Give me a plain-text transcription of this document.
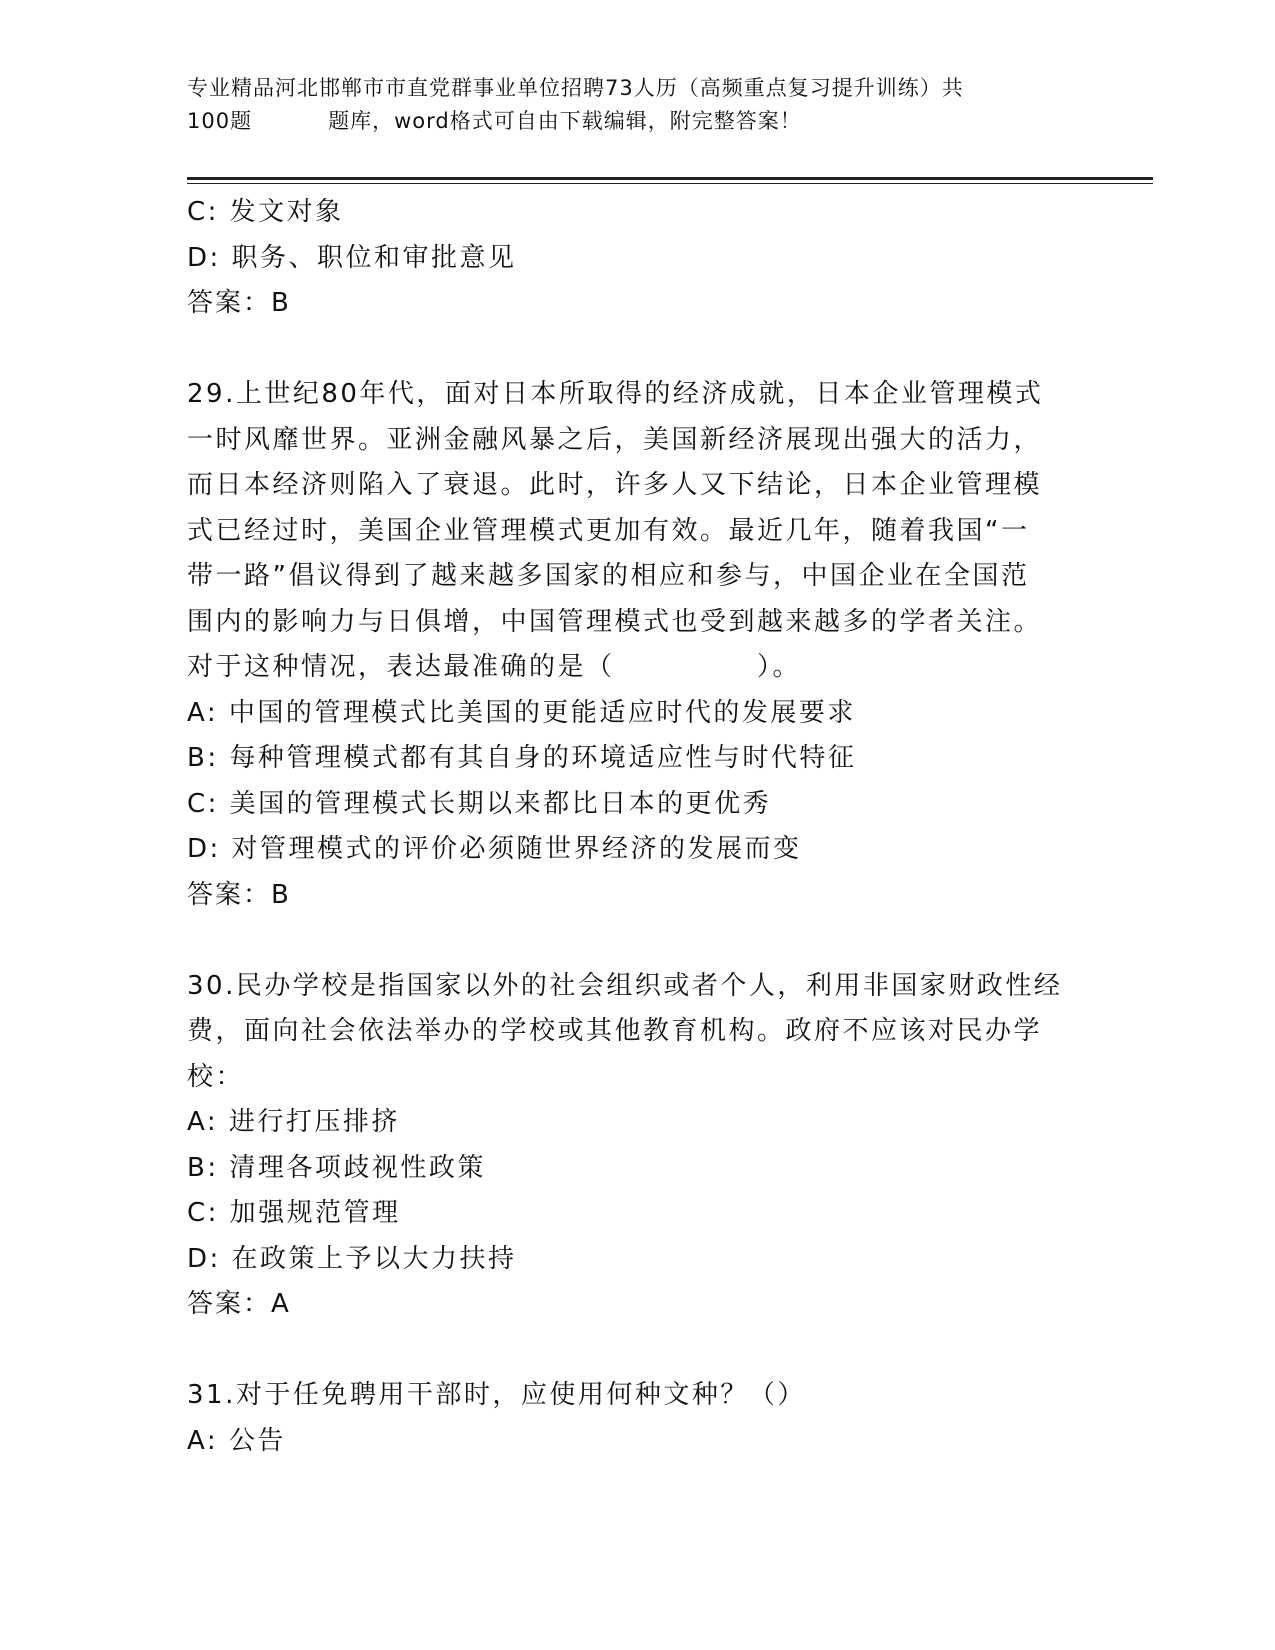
专业精品河北邯郸市市直党群事业单位招聘73人历（高频重点复习提升训练）共
100题	题库，word格式可自由下载编辑，附完整答案！
C: 发文对象
D: 职务、职位和审批意见
答案：B
29.上世纪80年代，面对日本所取得的经济成就，日本企业管理模式
一时风靡世界。亚洲金融风暴之后，美国新经济展现出强大的活力，
而日本经济则陷入了衰退。此时，许多人又下结论，日本企业管理模
式已经过时，美国企业管理模式更加有效。最近几年，随着我国“一
带一路”倡议得到了越来越多国家的相应和参与，中国企业在全国范
围内的影响力与日俱增，中国管理模式也受到越来越多的学者关注。
对于这种情况，表达最准确的是（　　　　　）。
A: 中国的管理模式比美国的更能适应时代的发展要求
B: 每种管理模式都有其自身的环境适应性与时代特征
C: 美国的管理模式长期以来都比日本的更优秀
D: 对管理模式的评价必须随世界经济的发展而变
答案：B
30.民办学校是指国家以外的社会组织或者个人，利用非国家财政性经
费，面向社会依法举办的学校或其他教育机构。政府不应该对民办学
校：
A: 进行打压排挤
B: 清理各项歧视性政策
C: 加强规范管理
D: 在政策上予以大力扶持
答案：A
31.对于任免聘用干部时，应使用何种文种？（）
A: 公告
